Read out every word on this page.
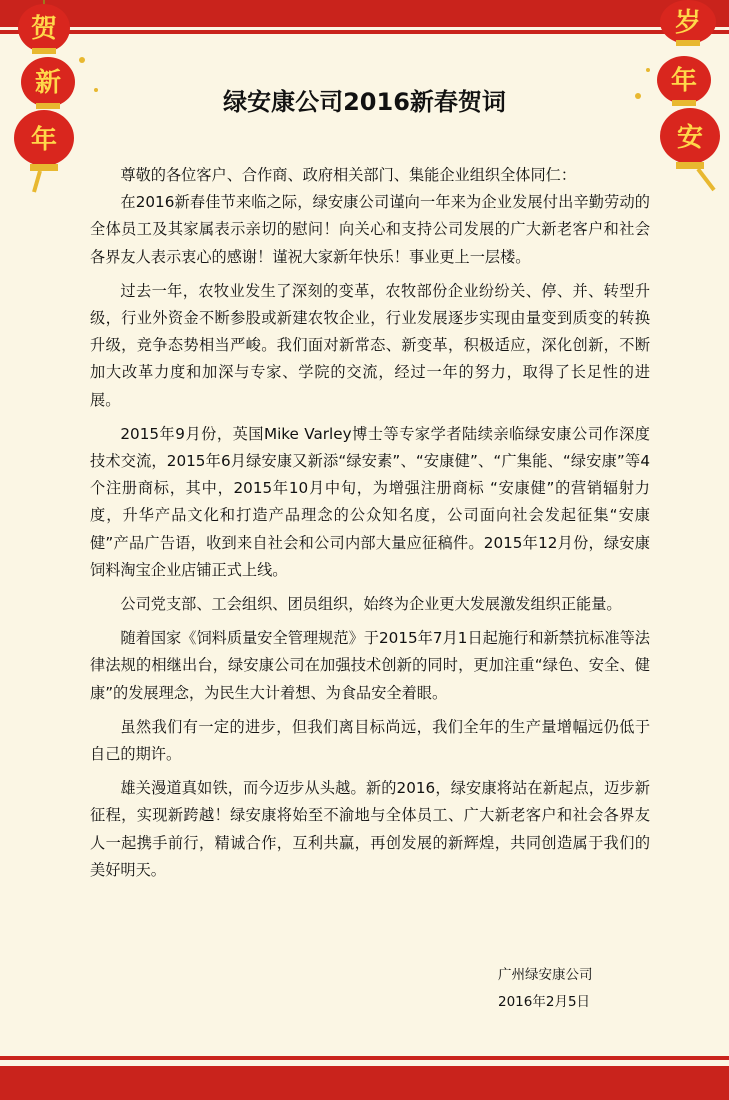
贺
新
年
岁
年
安
绿安康公司2016新春贺词

尊敬的各位客户、合作商、政府相关部门、集能企业组织全体同仁：

在2016新春佳节来临之际，绿安康公司谨向一年来为企业发展付出辛勤劳动的全体员工及其家属表示亲切的慰问！向关心和支持公司发展的广大新老客户和社会各界友人表示衷心的感谢！谨祝大家新年快乐！事业更上一层楼。

过去一年，农牧业发生了深刻的变革，农牧部份企业纷纷关、停、并、转型升级，行业外资金不断参股或新建农牧企业，行业发展逐步实现由量变到质变的转换升级，竞争态势相当严峻。我们面对新常态、新变革，积极适应，深化创新，不断加大改革力度和加深与专家、学院的交流，经过一年的努力，取得了长足性的进展。

2015年9月份，英国Mike Varley博士等专家学者陆续亲临绿安康公司作深度技术交流，2015年6月绿安康又新添“绿安素”、“安康健”、“广集能、“绿安康”等4个注册商标，其中，2015年10月中旬，为增强注册商标 “安康健”的营销辐射力度，升华产品文化和打造产品理念的公众知名度，公司面向社会发起征集“安康健”产品广告语，收到来自社会和公司内部大量应征稿件。2015年12月份，绿安康饲料淘宝企业店铺正式上线。

公司党支部、工会组织、团员组织，始终为企业更大发展激发组织正能量。

随着国家《饲料质量安全管理规范》于2015年7月1日起施行和新禁抗标准等法律法规的相继出台，绿安康公司在加强技术创新的同时，更加注重“绿色、安全、健康”的发展理念，为民生大计着想、为食品安全着眼。

虽然我们有一定的进步，但我们离目标尚远，我们全年的生产量增幅远仍低于自己的期许。

雄关漫道真如铁，而今迈步从头越。新的2016，绿安康将站在新起点，迈步新征程，实现新跨越！绿安康将始至不渝地与全体员工、广大新老客户和社会各界友人一起携手前行，精诚合作，互利共赢，再创发展的新辉煌，共同创造属于我们的美好明天。

广州绿安康公司
2016年2月5日
